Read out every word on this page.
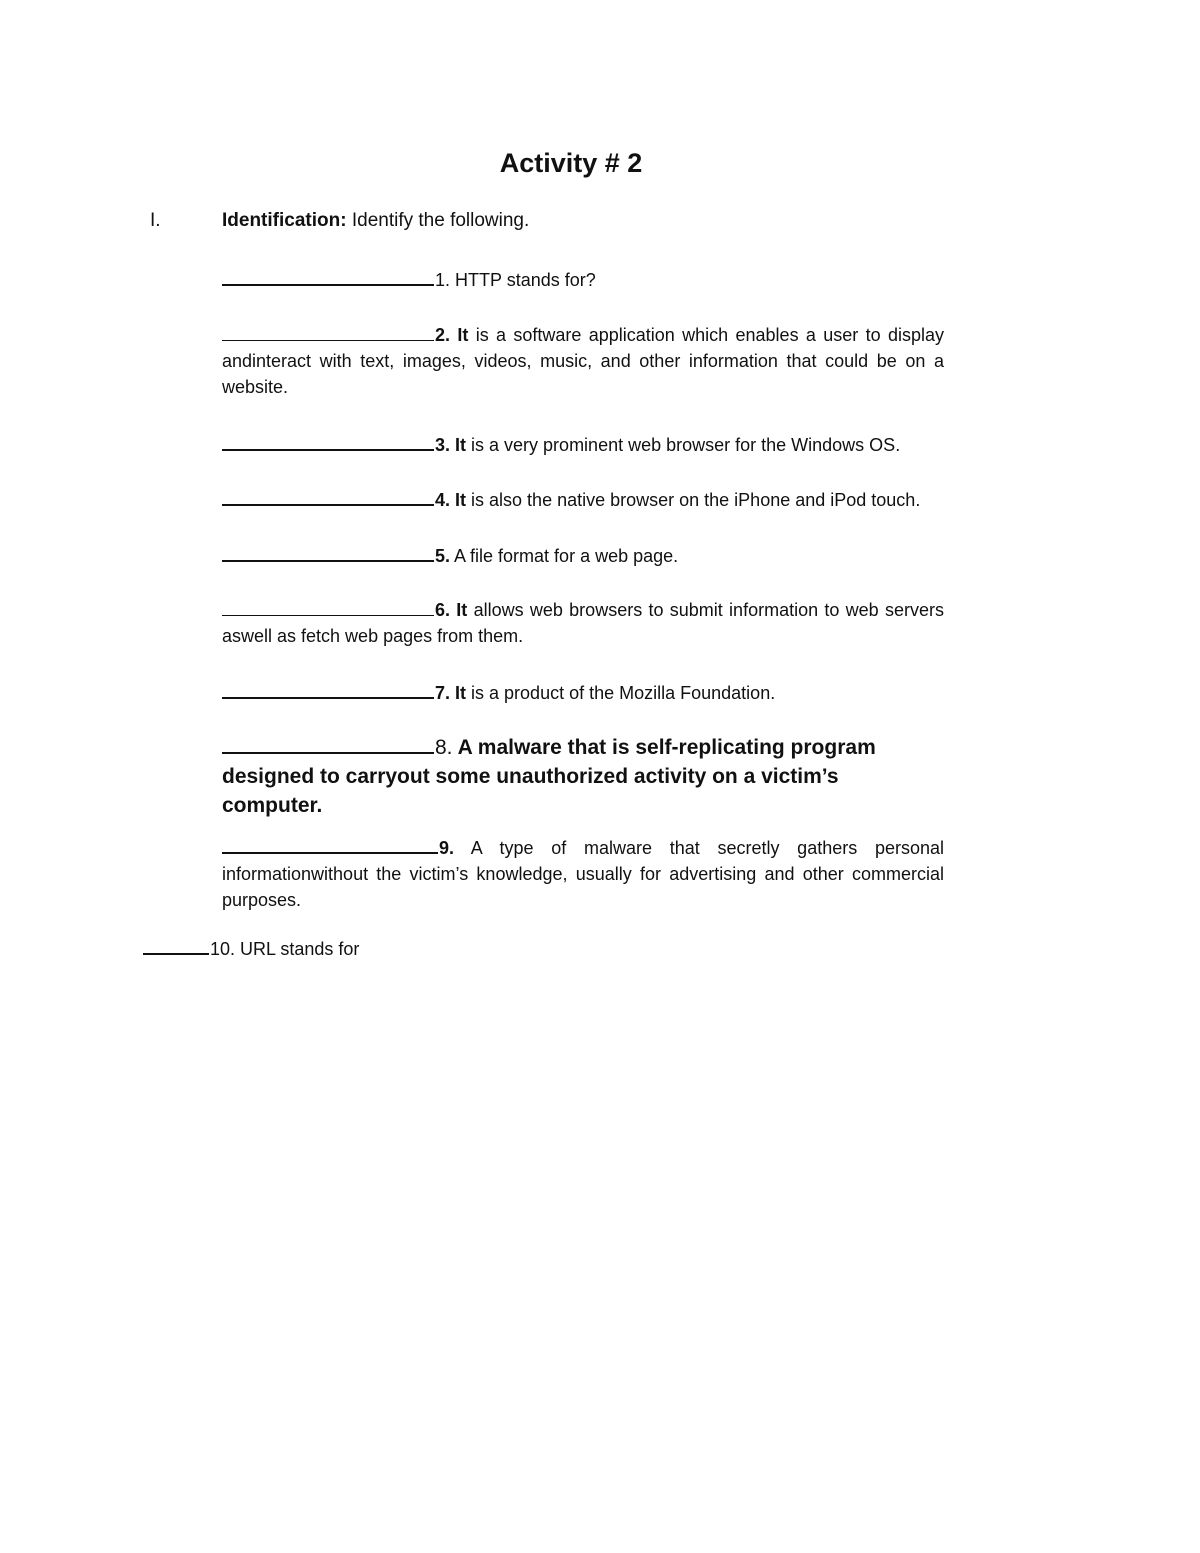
Activity # 2
I.	Identification: Identify the following.

1. HTTP stands for?

2. It is a software application which enables a user to display andinteract with text, images, videos, music, and other information that could be on a website.

3. It is a very prominent web browser for the Windows OS.

4. It is also the native browser on the iPhone and iPod touch.

5. A file format for a web page.

6. It allows web browsers to submit information to web servers aswell as fetch web pages from them.

7. It is a product of the Mozilla Foundation.

8. A malware that is self-replicating program designed to carryout some unauthorized activity on a victim’s computer.

9. A type of malware that secretly gathers personal informationwithout the victim’s knowledge, usually for advertising and other commercial purposes.

10. URL stands for
